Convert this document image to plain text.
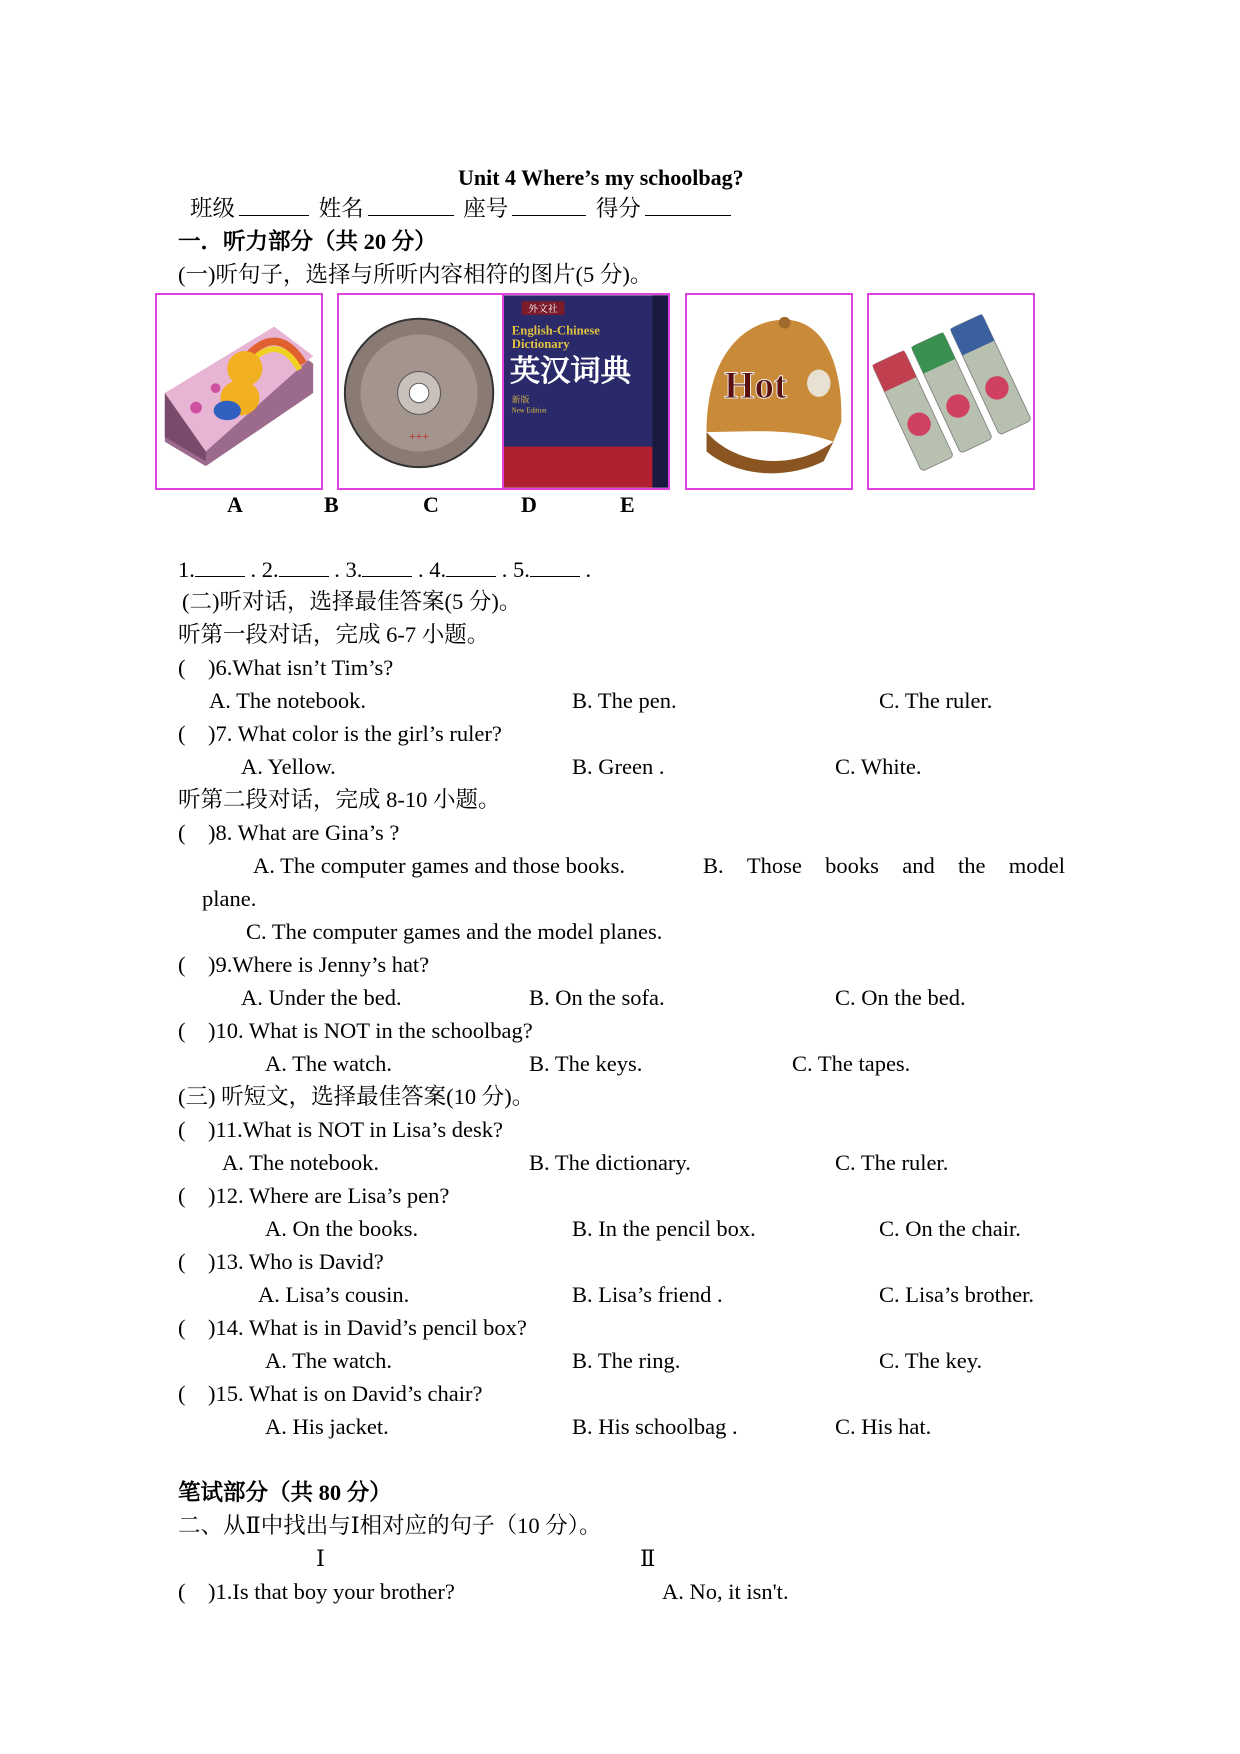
Unit 4 Where’s my schoolbag?
班级	姓名	座号	得分
一．听力部分（共 20 分）
(一)听句子，选择与所听内容相符的图片(5 分)。
+++
外文社
English-Chinese
Dictionary
英汉词典
新版
New Edition
Hot
A	B	C	D	E
1. . 2. . 3. . 4. . 5. .
(二)听对话，选择最佳答案(5 分)。
听第一段对话，完成 6-7 小题。
(　)6.What isn’t Tim’s?
A. The notebook.	B. The pen.	C. The ruler.
(　)7. What color is the girl’s ruler?
A. Yellow.	B. Green .	C. White.
听第二段对话，完成 8-10 小题。
(　)8. What are Gina’s ?
A. The computer games and those books.	B. Those books and the model
plane.
C. The computer games and the model planes.
(　)9.Where is Jenny’s hat?
A. Under the bed.	B. On the sofa.	C. On the bed.
(　)10. What is NOT in the schoolbag?
A. The watch.	B. The keys.	C. The tapes.
(三) 听短文，选择最佳答案(10 分)。
(　)11.What is NOT in Lisa’s desk?
A. The notebook.	B. The dictionary.	C. The ruler.
(　)12. Where are Lisa’s pen?
A. On the books.	B. In the pencil box.	C. On the chair.
(　)13. Who is David?
A. Lisa’s cousin.	B. Lisa’s friend .	C. Lisa’s brother.
(　)14. What is in David’s pencil box?
A. The watch.	B. The ring.	C. The key.
(　)15. What is on David’s chair?
A. His jacket.	B. His schoolbag .	C. His hat.
笔试部分（共 80 分）
二、从Ⅱ中找出与Ⅰ相对应的句子（10 分）。
Ⅰ	Ⅱ
(　)1.Is that boy your brother?	A. No, it isn't.
